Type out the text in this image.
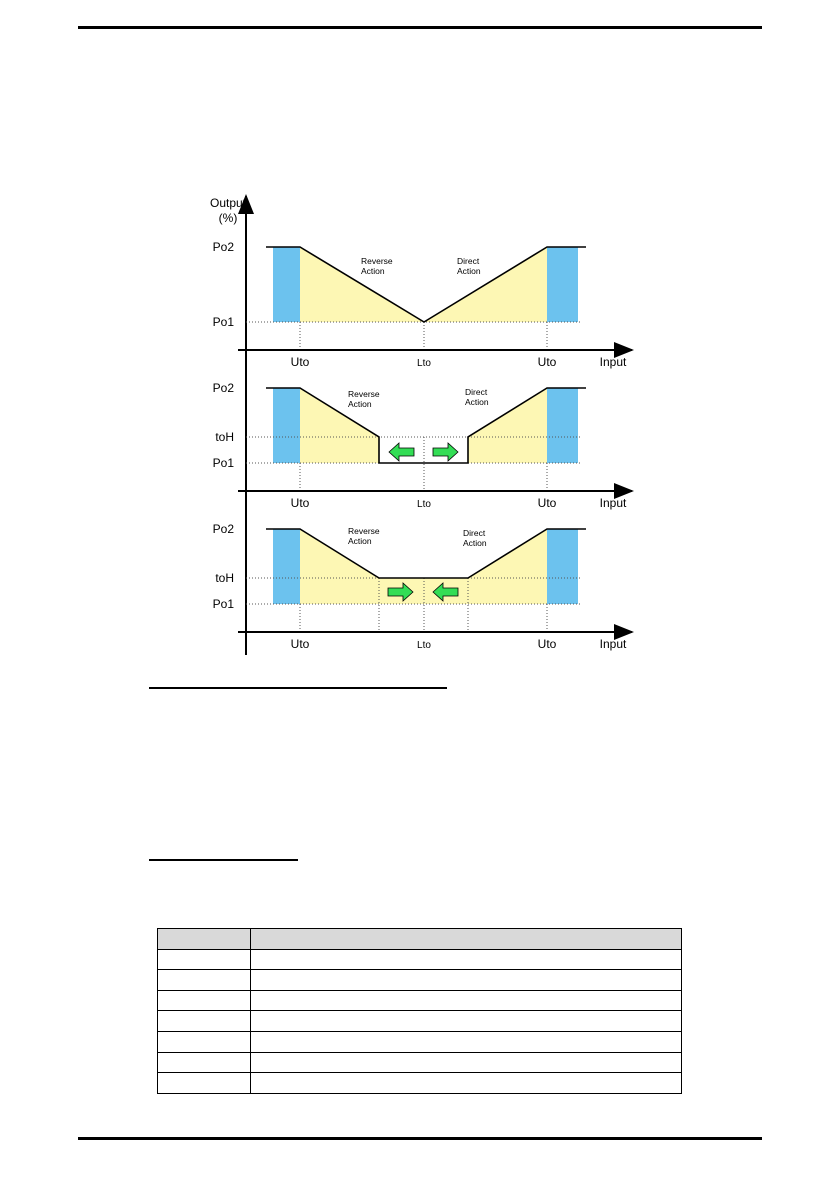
Output
(%)
Po2
Po1
Reverse
Action
Direct
Action
Uto	Lto	Uto	Input
Po2
toH
Po1
Reverse
Action
Direct
Action
Uto	Lto	Uto	Input
Po2
toH
Po1
Reverse
Action
Direct
Action
Uto	Lto	Uto	Input
